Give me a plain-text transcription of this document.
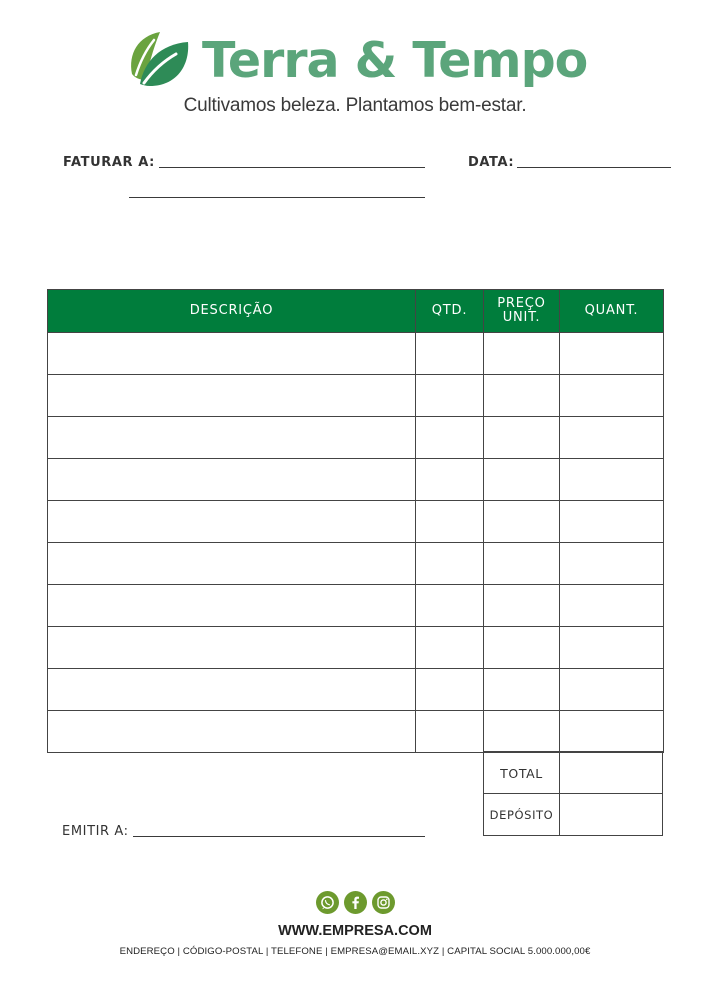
Terra & Tempo
Cultivamos beleza. Plantamos bem-estar.
FATURAR A:	DATA:
DESCRIÇÃO	QTD.	PREÇO UNIT.	QUANT.

TOTAL
DEPÓSITO
EMITIR A:
WWW.EMPRESA.COM
ENDEREÇO | CÓDIGO-POSTAL | TELEFONE | EMPRESA@EMAIL.XYZ | CAPITAL SOCIAL 5.000.000,00€
